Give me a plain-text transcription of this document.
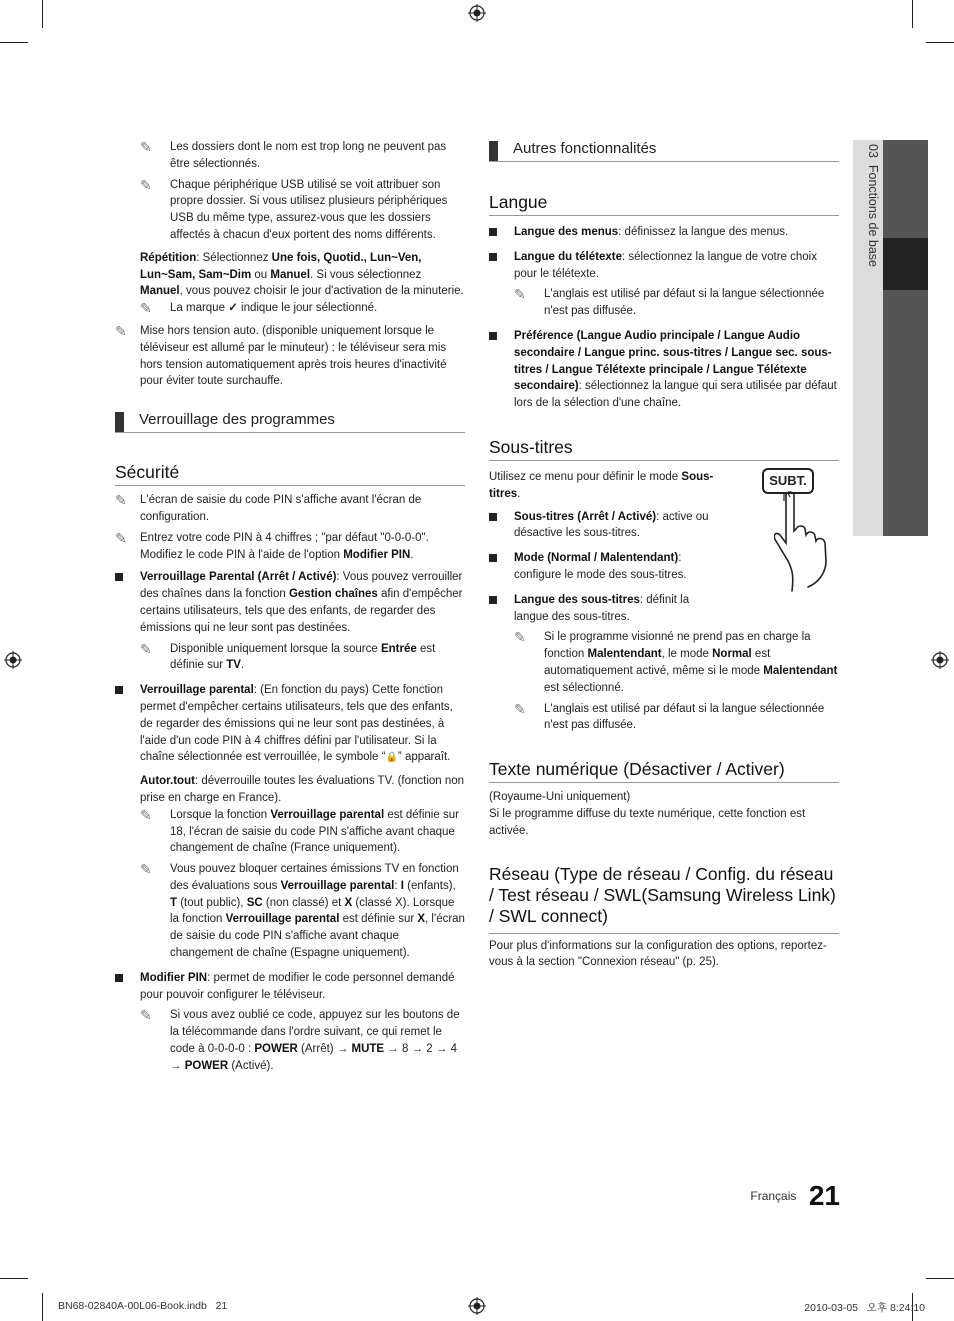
03  Fonctions de base

✎ Les dossiers dont le nom est trop long ne peuvent pas être sélectionnés.

✎ Chaque périphérique USB utilisé se voit attribuer son propre dossier. Si vous utilisez plusieurs périphériques USB du même type, assurez-vous que les dossiers affectés à chacun d'eux portent des noms différents.

Répétition: Sélectionnez Une fois, Quotid., Lun~Ven, Lun~Sam, Sam~Dim ou Manuel. Si vous sélectionnez Manuel, vous pouvez choisir le jour d'activation de la minuterie.

✎ La marque ✓ indique le jour sélectionné.

✎ Mise hors tension auto. (disponible uniquement lorsque le téléviseur est allumé par le minuteur) : le téléviseur sera mis hors tension automatiquement après trois heures d'inactivité pour éviter toute surchauffe.

Verrouillage des programmes
Sécurité

✎ L'écran de saisie du code PIN s'affiche avant l'écran de configuration.

✎ Entrez votre code PIN à 4 chiffres ; "par défaut "0-0-0-0". Modifiez le code PIN à l'aide de l'option Modifier PIN.

Verrouillage Parental (Arrêt / Activé): Vous pouvez verrouiller des chaînes dans la fonction Gestion chaînes afin d'empêcher certains utilisateurs, tels que des enfants, de regarder des émissions qui ne leur sont pas destinées.

✎ Disponible uniquement lorsque la source Entrée est définie sur TV.

Verrouillage parental: (En fonction du pays) Cette fonction permet d'empêcher certains utilisateurs, tels que des enfants, de regarder des émissions qui ne leur sont pas destinées, à l'aide d'un code PIN à 4 chiffres défini par l'utilisateur. Si la chaîne sélectionnée est verrouillée, le symbole “🔒” apparaît.

Autor.tout: déverrouille toutes les évaluations TV. (fonction non prise en charge en France).

✎ Lorsque la fonction Verrouillage parental est définie sur 18, l'écran de saisie du code PIN s'affiche avant chaque changement de chaîne (France uniquement).

✎ Vous pouvez bloquer certaines émissions TV en fonction des évaluations sous Verrouillage parental: I (enfants), T (tout public), SC (non classé) et X (classé X). Lorsque la fonction Verrouillage parental est définie sur X, l'écran de saisie du code PIN s'affiche avant chaque changement de chaîne (Espagne uniquement).

Modifier PIN: permet de modifier le code personnel demandé pour pouvoir configurer le téléviseur.

✎ Si vous avez oublié ce code, appuyez sur les boutons de la télécommande dans l'ordre suivant, ce qui remet le code à 0-0-0-0 : POWER (Arrêt) → MUTE → 8 → 2 → 4 → POWER (Activé).

Autres fonctionnalités
Langue

Langue des menus: définissez la langue des menus.

Langue du télétexte: sélectionnez la langue de votre choix pour le télétexte.

✎ L'anglais est utilisé par défaut si la langue sélectionnée n'est pas diffusée.

Préférence (Langue Audio principale / Langue Audio secondaire / Langue princ. sous-titres / Langue sec. sous-titres / Langue Télétexte principale / Langue Télétexte secondaire): sélectionnez la langue qui sera utilisée par défaut lors de la sélection d'une chaîne.

Sous-titres

Utilisez ce menu pour définir le mode Sous-titres.

Sous-titres (Arrêt / Activé): active ou désactive les sous-titres.

Mode (Normal / Malentendant): configure le mode des sous-titres.

Langue des sous-titres: définit la langue des sous-titres.

SUBT.

✎ Si le programme visionné ne prend pas en charge la fonction Malentendant, le mode Normal est automatiquement activé, même si le mode Malentendant est sélectionné.

✎ L'anglais est utilisé par défaut si la langue sélectionnée n'est pas diffusée.

Texte numérique (Désactiver / Activer)

(Royaume-Uni uniquement)

Si le programme diffuse du texte numérique, cette fonction est activée.

Réseau (Type de réseau / Config. du réseau / Test réseau / SWL(Samsung Wireless Link) / SWL connect)

Pour plus d'informations sur la configuration des options, reportez-vous à la section "Connexion réseau" (p. 25).

Français 21
BN68-02840A-00L06-Book.indb   21	2010-03-05   오후 8:24:10
